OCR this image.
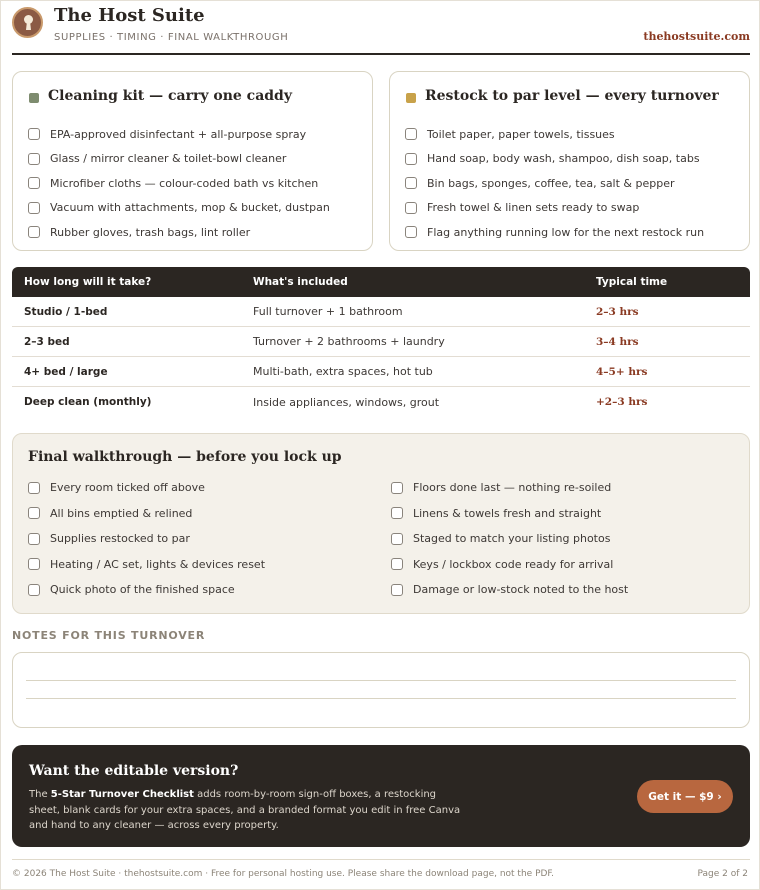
The Host Suite
SUPPLIES · TIMING · FINAL WALKTHROUGH	thehostsuite.com
Cleaning kit — carry one caddy
EPA-approved disinfectant + all-purpose spray
Glass / mirror cleaner & toilet-bowl cleaner
Microfiber cloths — colour-coded bath vs kitchen
Vacuum with attachments, mop & bucket, dustpan
Rubber gloves, trash bags, lint roller
Restock to par level — every turnover
Toilet paper, paper towels, tissues
Hand soap, body wash, shampoo, dish soap, tabs
Bin bags, sponges, coffee, tea, salt & pepper
Fresh towel & linen sets ready to swap
Flag anything running low for the next restock run
How long will it take?	What's included	Typical time
Studio / 1-bed	Full turnover + 1 bathroom	2–3 hrs
2–3 bed	Turnover + 2 bathrooms + laundry	3–4 hrs
4+ bed / large	Multi-bath, extra spaces, hot tub	4–5+ hrs
Deep clean (monthly)	Inside appliances, windows, grout	+2–3 hrs
Final walkthrough — before you lock up
Every room ticked off above
All bins emptied & relined
Supplies restocked to par
Heating / AC set, lights & devices reset
Quick photo of the finished space
Floors done last — nothing re-soiled
Linens & towels fresh and straight
Staged to match your listing photos
Keys / lockbox code ready for arrival
Damage or low-stock noted to the host
NOTES FOR THIS TURNOVER
Want the editable version?
The 5-Star Turnover Checklist adds room-by-room sign-off boxes, a restocking sheet, blank cards for your extra spaces, and a branded format you edit in free Canva and hand to any cleaner — across every property.
Get it — $9 ›
© 2026 The Host Suite · thehostsuite.com · Free for personal hosting use. Please share the download page, not the PDF.	Page 2 of 2
